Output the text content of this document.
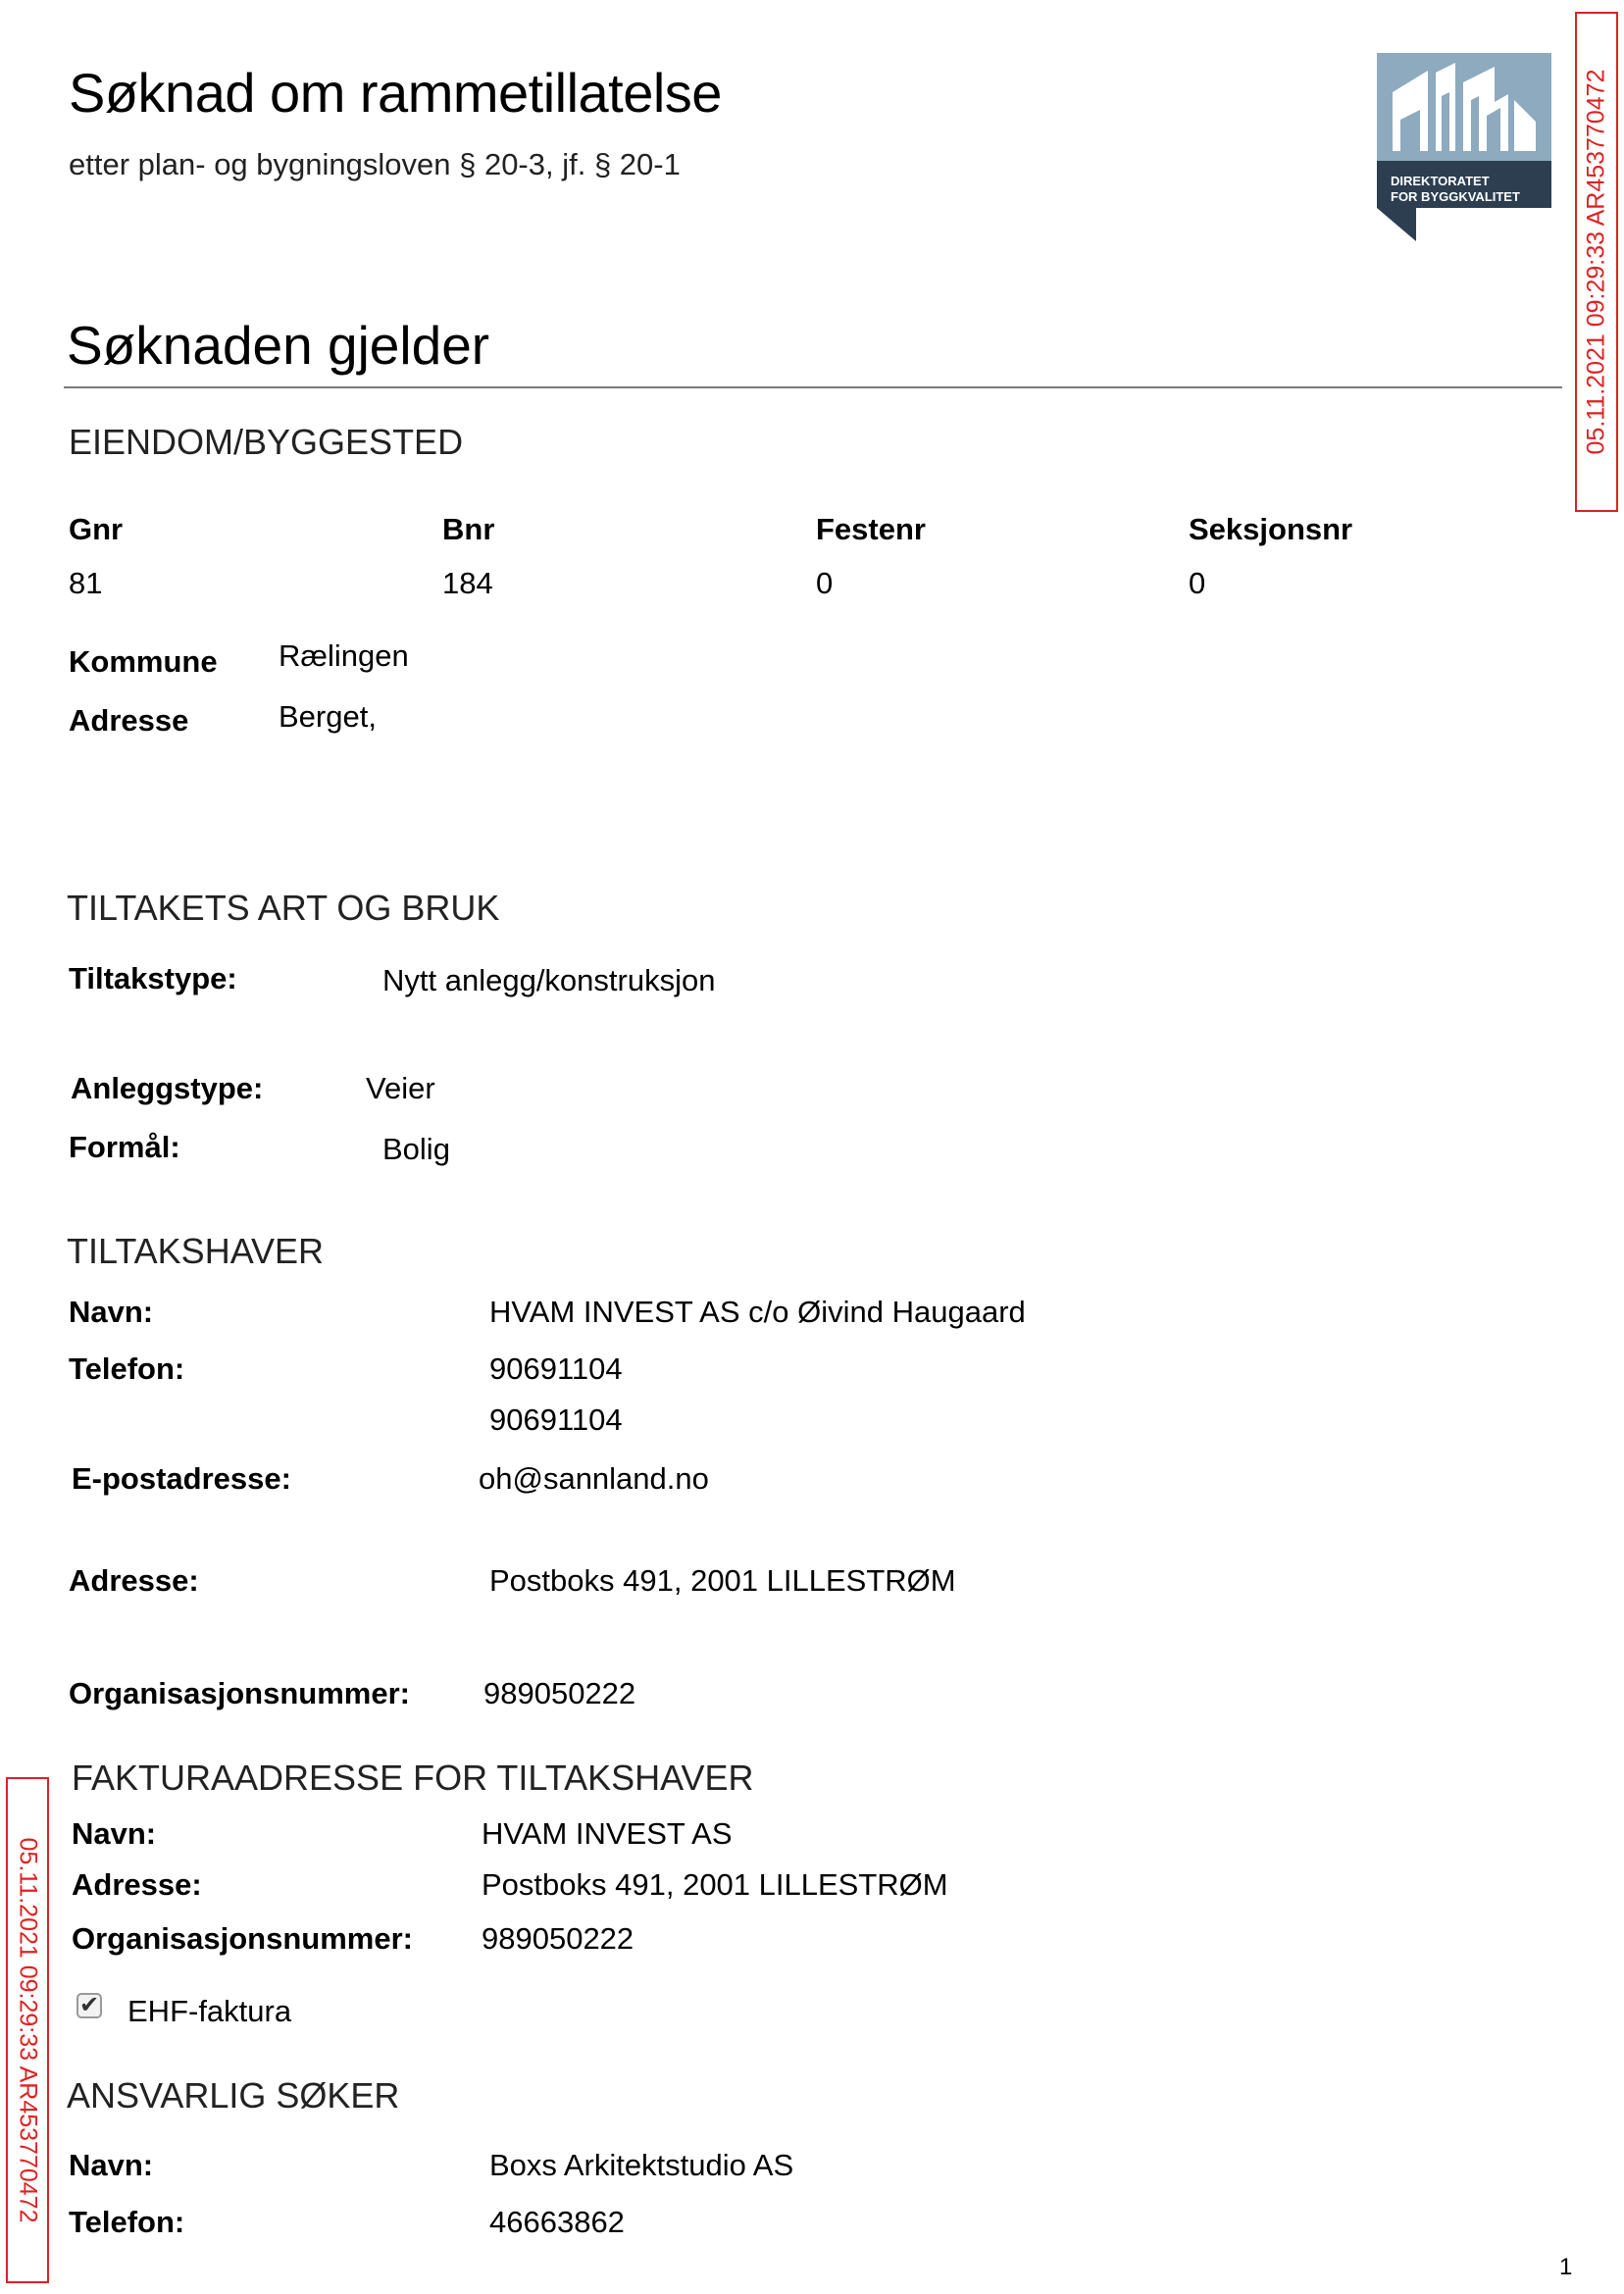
Søknad om rammetillatelse
etter plan- og bygningsloven § 20-3, jf. § 20-1	DIREKTORATET
FOR BYGGKVALITET	05.11.2021 09:29:33 AR453770472
05.11.2021 09:29:33 AR453770472
Søknaden gjelder
EIENDOM/BYGGESTED
Gnr	Bnr	Festenr	Seksjonsnr
81	184	0	0
Kommune Rælingen
Adresse	Berget,
TILTAKETS ART OG BRUK
Tiltakstype:	Nytt anlegg/konstruksjon
Anleggstype:	Veier
Formål:	Bolig
TILTAKSHAVER
Navn:	HVAM INVEST AS c/o Øivind Haugaard
Telefon:	90691104
90691104
E-postadresse:	oh@sannland.no
Adresse:	Postboks 491, 2001 LILLESTRØM
Organisasjonsnummer: 989050222
FAKTURAADRESSE FOR TILTAKSHAVER
Navn:	HVAM INVEST AS
Adresse:	Postboks 491, 2001 LILLESTRØM
Organisasjonsnummer: 989050222
✔ EHF-faktura
ANSVARLIG SØKER
Navn:	Boxs Arkitektstudio AS
Telefon:	46663862
1
